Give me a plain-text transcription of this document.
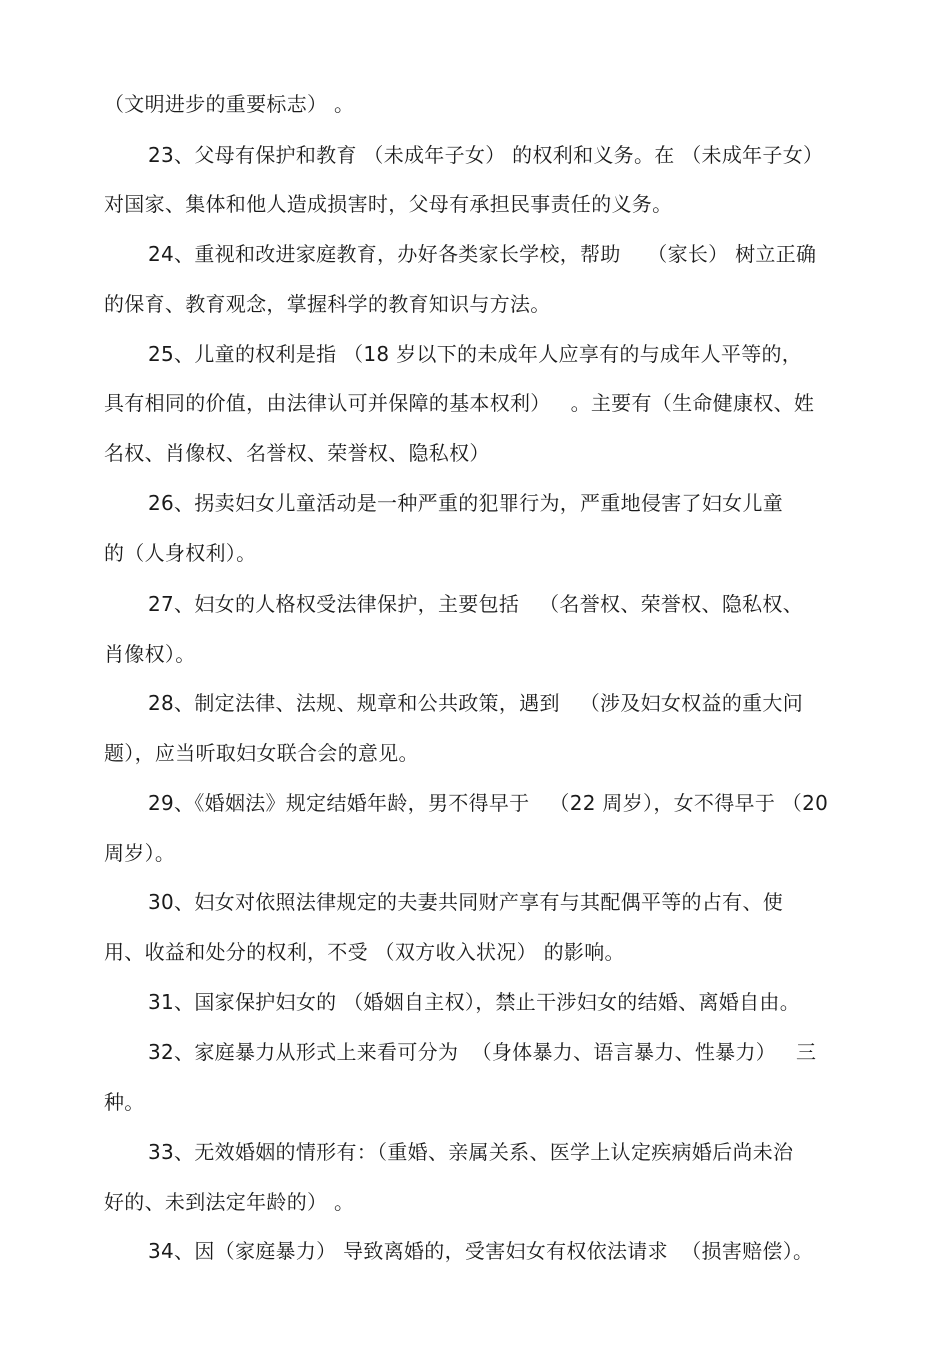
（文明进步的重要标志） 。
23、父母有保护和教育 （未成年子女） 的权利和义务。在 （未成年子女）
对国家、集体和他人造成损害时，父母有承担民事责任的义务。
24、重视和改进家庭教育，办好各类家长学校，帮助    （家长） 树立正确
的保育、教育观念，掌握科学的教育知识与方法。
25、儿童的权利是指 （18 岁以下的未成年人应享有的与成年人平等的，
具有相同的价值，由法律认可并保障的基本权利）   。主要有（生命健康权、姓
名权、肖像权、名誉权、荣誉权、隐私权）
26、拐卖妇女儿童活动是一种严重的犯罪行为，严重地侵害了妇女儿童
的（人身权利）。
27、妇女的人格权受法律保护，主要包括   （名誉权、荣誉权、隐私权、
肖像权）。
28、制定法律、法规、规章和公共政策，遇到   （涉及妇女权益的重大问
题），应当听取妇女联合会的意见。
29、《婚姻法》规定结婚年龄，男不得早于   （22 周岁），女不得早于 （20
周岁）。
30、妇女对依照法律规定的夫妻共同财产享有与其配偶平等的占有、使
用、收益和处分的权利，不受 （双方收入状况） 的影响。
31、国家保护妇女的 （婚姻自主权），禁止干涉妇女的结婚、离婚自由。
32、家庭暴力从形式上来看可分为  （身体暴力、语言暴力、性暴力）   三
种。
33、无效婚姻的情形有：（重婚、亲属关系、医学上认定疾病婚后尚未治
好的、未到法定年龄的） 。
34、因（家庭暴力） 导致离婚的，受害妇女有权依法请求  （损害赔偿）。
